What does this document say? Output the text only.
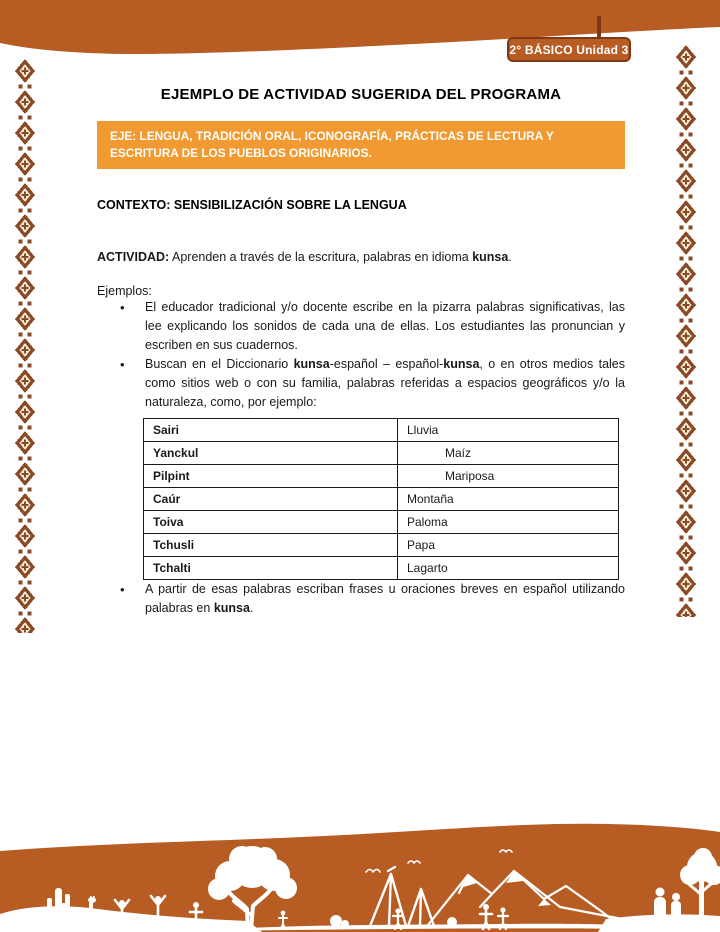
2° BÁSICO Unidad 3
EJEMPLO DE ACTIVIDAD SUGERIDA DEL PROGRAMA
EJE: LENGUA, TRADICIÓN ORAL, ICONOGRAFÍA, PRÁCTICAS DE LECTURA Y ESCRITURA DE LOS PUEBLOS ORIGINARIOS.
CONTEXTO: SENSIBILIZACIÓN SOBRE LA LENGUA

ACTIVIDAD: Aprenden a través de la escritura, palabras en idioma kunsa.

Ejemplos:
•	El educador tradicional y/o docente escribe en la pizarra palabras significativas, las lee explicando los sonidos de cada una de ellas. Los estudiantes las pronuncian y escriben en sus cuadernos.
•	Buscan en el Diccionario kunsa-español – español-kunsa, o en otros medios tales como sitios web o con su familia, palabras referidas a espacios geográficos y/o la naturaleza, como, por ejemplo:
Sairi	Lluvia
Yanckul	Maíz
Pilpint	Mariposa
Caúr	Montaña
Toiva	Paloma
Tchusli	Papa
Tchalti	Lagarto
•	A partir de esas palabras escriban frases u oraciones breves en español utilizando palabras en kunsa.
